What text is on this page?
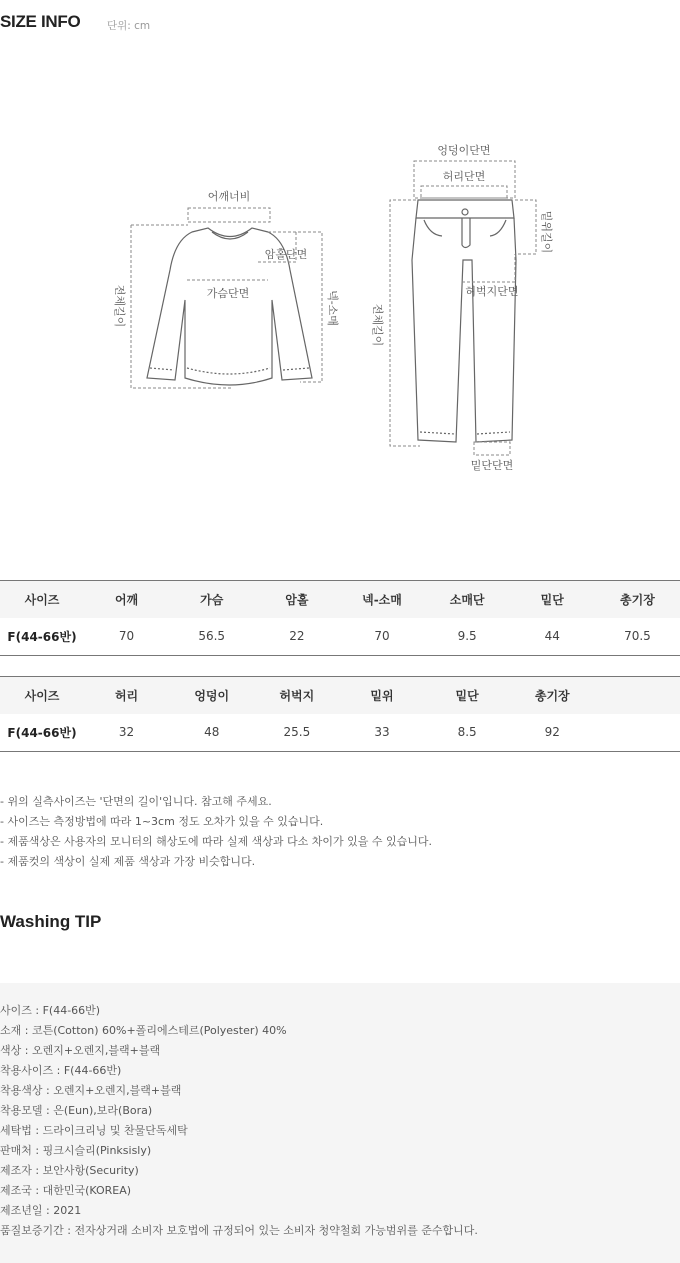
SIZE INFO	단위: cm
어깨너비
암홀단면
가슴단면
전체길이	넥-소매
엉덩이단면
허리단면
밑위길이
허벅지단면
전체길이
밑단단면
사이즈	어깨	가슴	암홀	넥-소매	소매단	밑단	총기장
F(44-66반)	70	56.5	22	70	9.5	44	70.5
사이즈	허리	엉덩이	허벅지	밑위	밑단	총기장	
F(44-66반)	32	48	25.5	33	8.5	92	
- 위의 실측사이즈는 '단면의 길이'입니다. 참고해 주세요.
- 사이즈는 측정방법에 따라 1~3cm 정도 오차가 있을 수 있습니다.
- 제품색상은 사용자의 모니터의 해상도에 따라 실제 색상과 다소 차이가 있을 수 있습니다.
- 제품컷의 색상이 실제 제품 색상과 가장 비슷합니다.
Washing TIP
사이즈 : F(44-66반)
소재 : 코튼(Cotton) 60%+폴리에스테르(Polyester) 40%
색상 : 오렌지+오렌지,블랙+블랙
착용사이즈 : F(44-66반)
착용색상 : 오렌지+오렌지,블랙+블랙
착용모델 : 은(Eun),보라(Bora)
세탁법 : 드라이크리닝 및 찬물단독세탁
판매처 : 핑크시슬리(Pinksisly)
제조자 : 보안사항(Security)
제조국 : 대한민국(KOREA)
제조년일 : 2021
품질보증기간 : 전자상거래 소비자 보호법에 규정되어 있는 소비자 청약철회 가능범위를 준수합니다.
